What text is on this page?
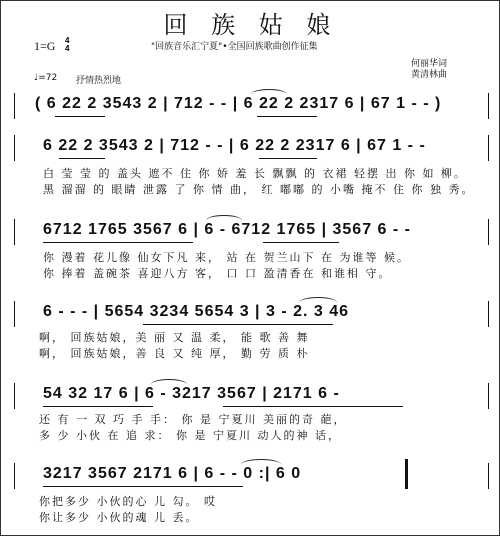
回 族 姑 娘
1=G 4
4	"回族音乐汇宁夏"•全国回族歌曲创作征集
何丽华词
黄清林曲
♩=72 抒情热烈地
( 6 22 2 3543 2 | 712 - - | 6 22 2 2317 6 | 67 1 - - )
6 22 2 3543 2 | 712 - - | 6 22 2 2317 6 | 67 1 - -
白 莹 莹 的 盖头 遮不 住 你 娇 羞 长 飘飘 的 衣裙 轻摆 出 你 如 柳。
黑 溜溜 的 眼睛 泄露 了 你 情 曲， 红 嘟嘟 的 小嘴 掩不 住 你 独 秀。
6712 1765 3567 6 | 6 - 6712 1765 | 3567 6 - -
你 漫着 花儿像 仙女下凡 来， 站 在 贺兰山下 在 为谁等 候。
你 捧着 盖碗茶 喜迎八方 客， 口 口 盈清香在 和谁相 守。
6 - - - | 5654 3234 5654 3 | 3 - 2. 3 46
啊， 回族姑娘，美 丽 又 温 柔， 能 歌 善 舞
啊， 回族姑娘，善 良 又 纯 厚， 勤 劳 质 朴
54 32 17 6 | 6 - 3217 3567 | 2171 6 -
还 有 一 双 巧 手 手： 你 是 宁夏川 美丽的奇 葩，
多 少 小伙 在 追 求： 你 是 宁夏川 动人的神 话，
3217 3567 2171 6 | 6 - - 0 :| 6 0
你把多少 小伙的心 儿 勾。 哎
你让多少 小伙的魂 儿 丢。
